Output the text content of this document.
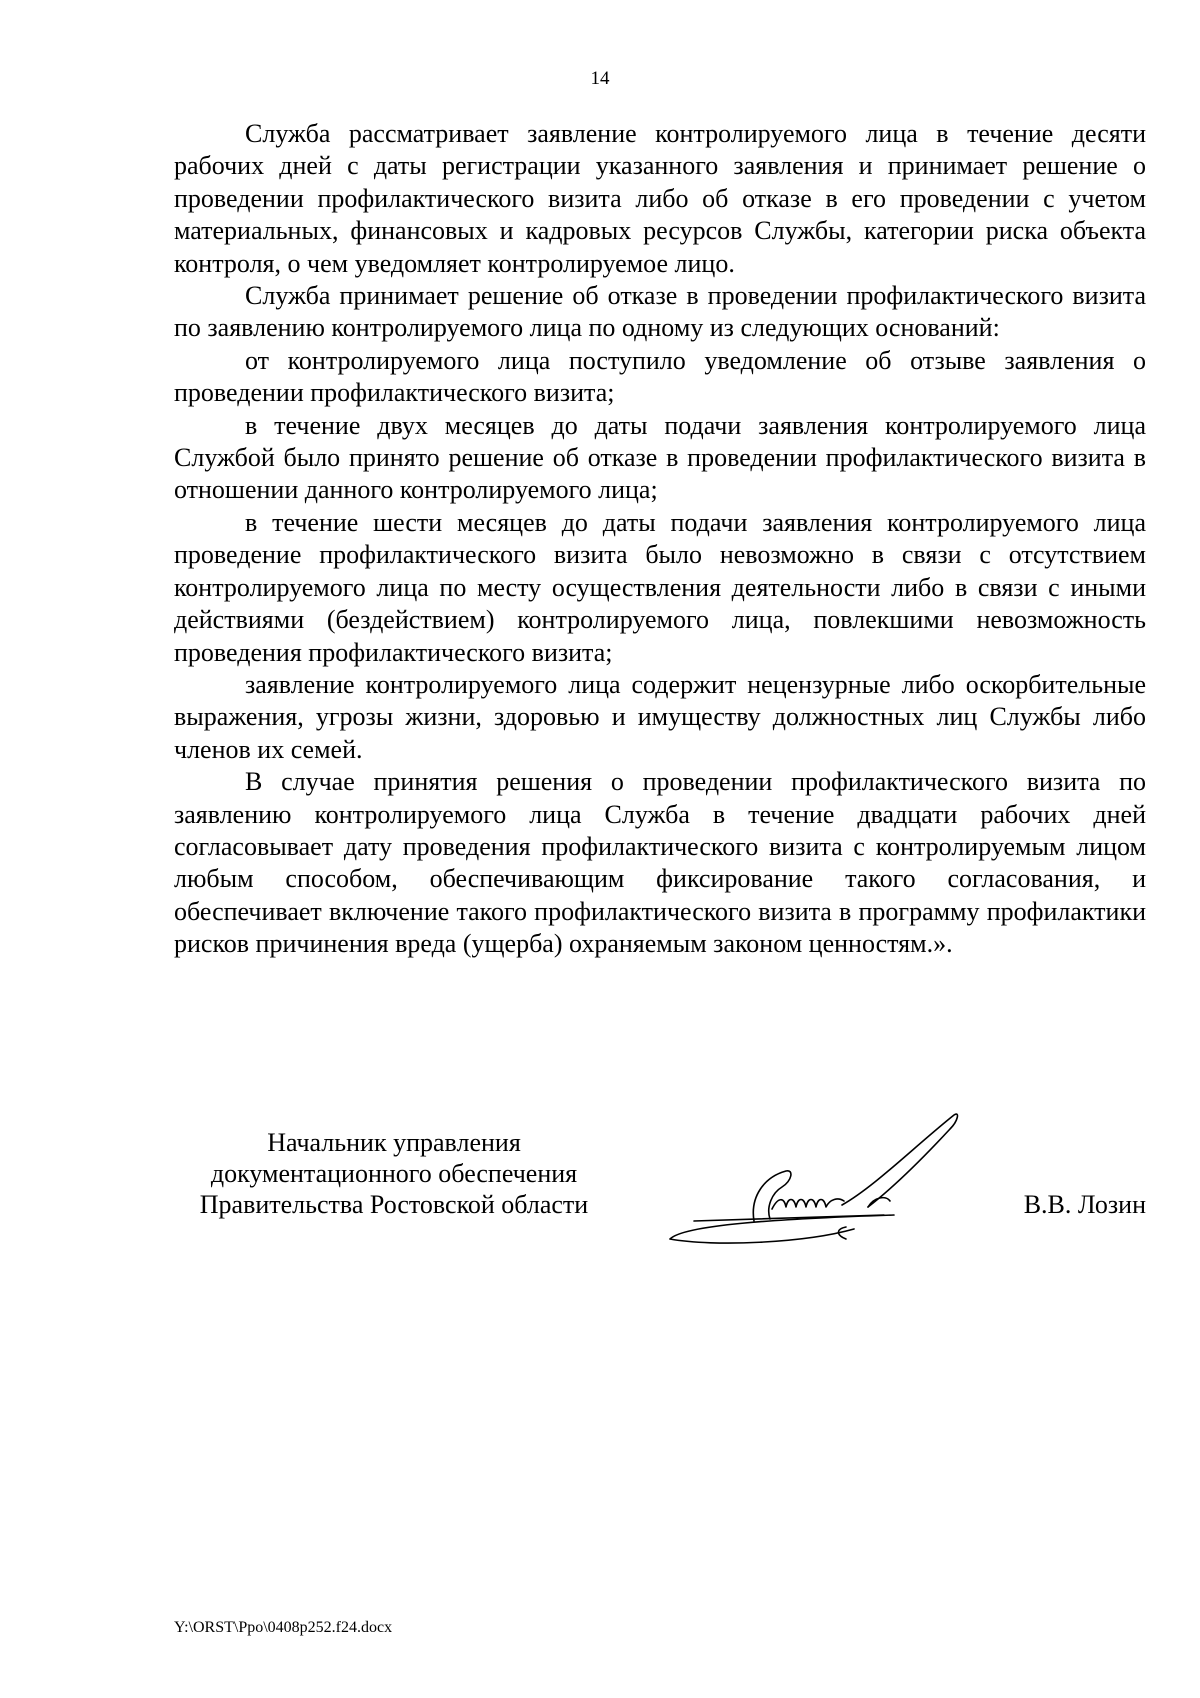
14

Служба рассматривает заявление контролируемого лица в течение десяти рабочих дней с даты регистрации указанного заявления и принимает решение о проведении профилактического визита либо об отказе в его проведении с учетом материальных, финансовых и кадровых ресурсов Службы, категории риска объекта контроля, о чем уведомляет контролируемое лицо.

Служба принимает решение об отказе в проведении профилактического визита по заявлению контролируемого лица по одному из следующих оснований:

от контролируемого лица поступило уведомление об отзыве заявления о проведении профилактического визита;

в течение двух месяцев до даты подачи заявления контролируемого лица Службой было принято решение об отказе в проведении профилактического визита в отношении данного контролируемого лица;

в течение шести месяцев до даты подачи заявления контролируемого лица проведение профилактического визита было невозможно в связи с отсутствием контролируемого лица по месту осуществления деятельности либо в связи с иными действиями (бездействием) контролируемого лица, повлекшими невозможность проведения профилактического визита;

заявление контролируемого лица содержит нецензурные либо оскорбительные выражения, угрозы жизни, здоровью и имуществу должностных лиц Службы либо членов их семей.

В случае принятия решения о проведении профилактического визита по заявлению контролируемого лица Служба в течение двадцати рабочих дней согласовывает дату проведения профилактического визита с контролируемым лицом любым способом, обеспечивающим фиксирование такого согласования, и обеспечивает включение такого профилактического визита в программу профилактики рисков причинения вреда (ущерба) охраняемым законом ценностям.».

Начальник управления
документационного обеспечения
Правительства Ростовской области	В.В. Лозин
Y:\ORST\Ppo\0408p252.f24.docx
